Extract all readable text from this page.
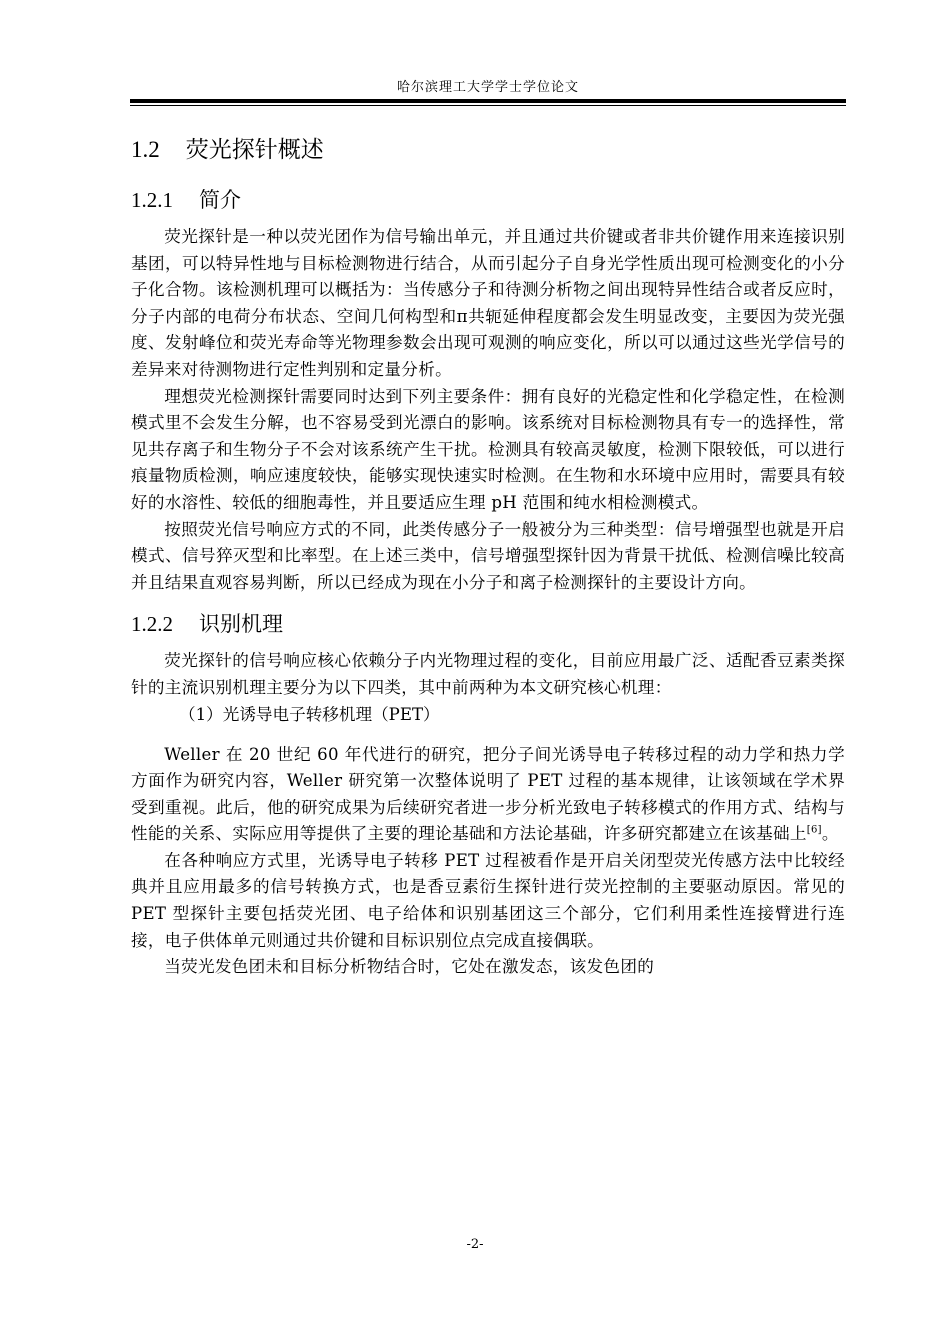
哈尔滨理工大学学士学位论文
1.2 荧光探针概述
1.2.1 简介

荧光探针是一种以荧光团作为信号输出单元，并且通过共价键或者非共价键作用来连接识别基团，可以特异性地与目标检测物进行结合，从而引起分子自身光学性质出现可检测变化的小分子化合物。该检测机理可以概括为：当传感分子和待测分析物之间出现特异性结合或者反应时，分子内部的电荷分布状态、空间几何构型和π共轭延伸程度都会发生明显改变，主要因为荧光强度、发射峰位和荧光寿命等光物理参数会出现可观测的响应变化，所以可以通过这些光学信号的差异来对待测物进行定性判别和定量分析。

理想荧光检测探针需要同时达到下列主要条件：拥有良好的光稳定性和化学稳定性，在检测模式里不会发生分解，也不容易受到光漂白的影响。该系统对目标检测物具有专一的选择性，常见共存离子和生物分子不会对该系统产生干扰。检测具有较高灵敏度，检测下限较低，可以进行痕量物质检测，响应速度较快，能够实现快速实时检测。在生物和水环境中应用时，需要具有较好的水溶性、较低的细胞毒性，并且要适应生理 pH 范围和纯水相检测模式。

按照荧光信号响应方式的不同，此类传感分子一般被分为三种类型：信号增强型也就是开启模式、信号猝灭型和比率型。在上述三类中，信号增强型探针因为背景干扰低、检测信噪比较高并且结果直观容易判断，所以已经成为现在小分子和离子检测探针的主要设计方向。

1.2.2 识别机理

荧光探针的信号响应核心依赖分子内光物理过程的变化，目前应用最广泛、适配香豆素类探针的主流识别机理主要分为以下四类，其中前两种为本文研究核心机理：

（1）光诱导电子转移机理（PET）

Weller 在 20 世纪 60 年代进行的研究，把分子间光诱导电子转移过程的动力学和热力学方面作为研究内容，Weller 研究第一次整体说明了 PET 过程的基本规律，让该领域在学术界受到重视。此后，他的研究成果为后续研究者进一步分析光致电子转移模式的作用方式、结构与性能的关系、实际应用等提供了主要的理论基础和方法论基础，许多研究都建立在该基础上[6]。

在各种响应方式里，光诱导电子转移 PET 过程被看作是开启关闭型荧光传感方法中比较经典并且应用最多的信号转换方式，也是香豆素衍生探针进行荧光控制的主要驱动原因。常见的 PET 型探针主要包括荧光团、电子给体和识别基团这三个部分，它们利用柔性连接臂进行连接，电子供体单元则通过共价键和目标识别位点完成直接偶联。

当荧光发色团未和目标分析物结合时，它处在激发态，该发色团的

-2-
